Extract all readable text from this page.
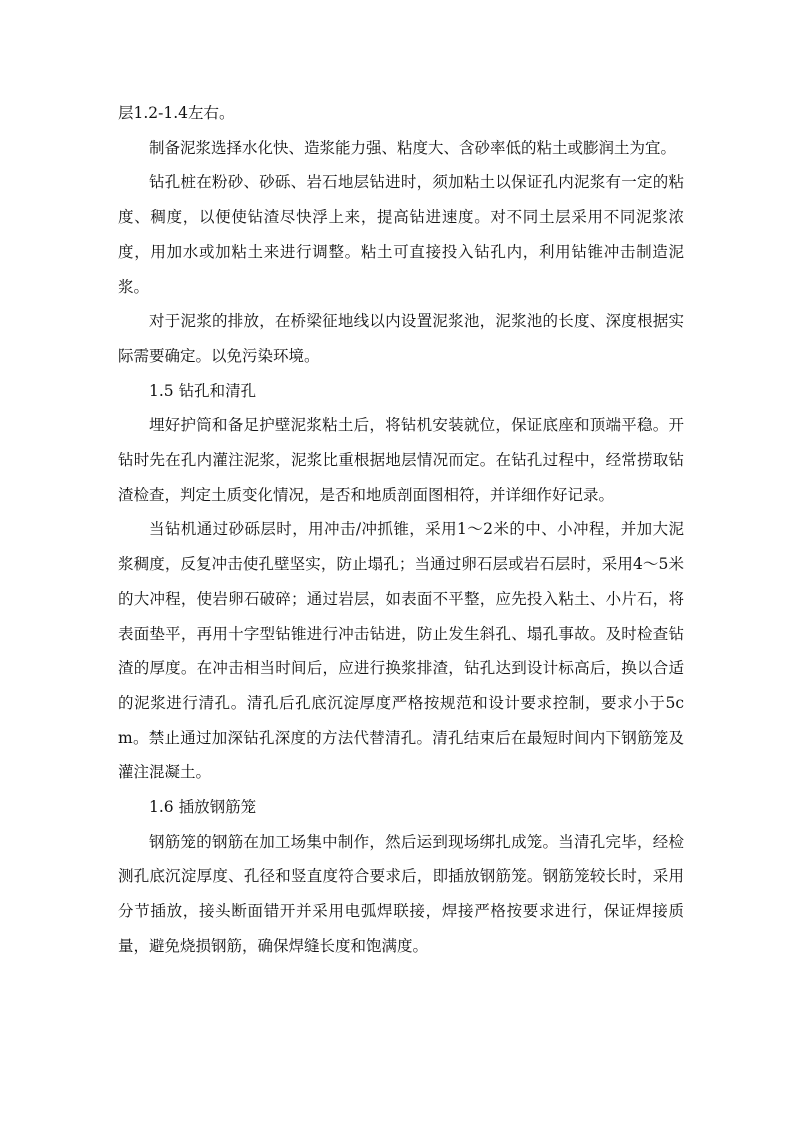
层1.2-1.4左右。

制备泥浆选择水化快、造浆能力强、粘度大、含砂率低的粘土或膨润土为宜。

钻孔桩在粉砂、砂砾、岩石地层钻进时，须加粘土以保证孔内泥浆有一定的粘度、稠度，以便使钻渣尽快浮上来，提高钻进速度。对不同土层采用不同泥浆浓度，用加水或加粘土来进行调整。粘土可直接投入钻孔内，利用钻锥冲击制造泥浆。

对于泥浆的排放，在桥梁征地线以内设置泥浆池，泥浆池的长度、深度根据实际需要确定。以免污染环境。

1.5 钻孔和清孔

埋好护筒和备足护壁泥浆粘土后，将钻机安装就位，保证底座和顶端平稳。开钻时先在孔内灌注泥浆，泥浆比重根据地层情况而定。在钻孔过程中，经常捞取钻渣检查，判定土质变化情况，是否和地质剖面图相符，并详细作好记录。

当钻机通过砂砾层时，用冲击/冲抓锥，采用1～2米的中、小冲程，并加大泥浆稠度，反复冲击使孔壁坚实，防止塌孔；当通过卵石层或岩石层时，采用4～5米的大冲程，使岩卵石破碎；通过岩层，如表面不平整，应先投入粘土、小片石，将表面垫平，再用十字型钻锥进行冲击钻进，防止发生斜孔、塌孔事故。及时检查钻渣的厚度。在冲击相当时间后，应进行换浆排渣，钻孔达到设计标高后，换以合适的泥浆进行清孔。清孔后孔底沉淀厚度严格按规范和设计要求控制，要求小于5cm。禁止通过加深钻孔深度的方法代替清孔。清孔结束后在最短时间内下钢筋笼及灌注混凝土。

1.6 插放钢筋笼

钢筋笼的钢筋在加工场集中制作，然后运到现场绑扎成笼。当清孔完毕，经检测孔底沉淀厚度、孔径和竖直度符合要求后，即插放钢筋笼。钢筋笼较长时，采用分节插放，接头断面错开并采用电弧焊联接，焊接严格按要求进行，保证焊接质量，避免烧损钢筋，确保焊缝长度和饱满度。
